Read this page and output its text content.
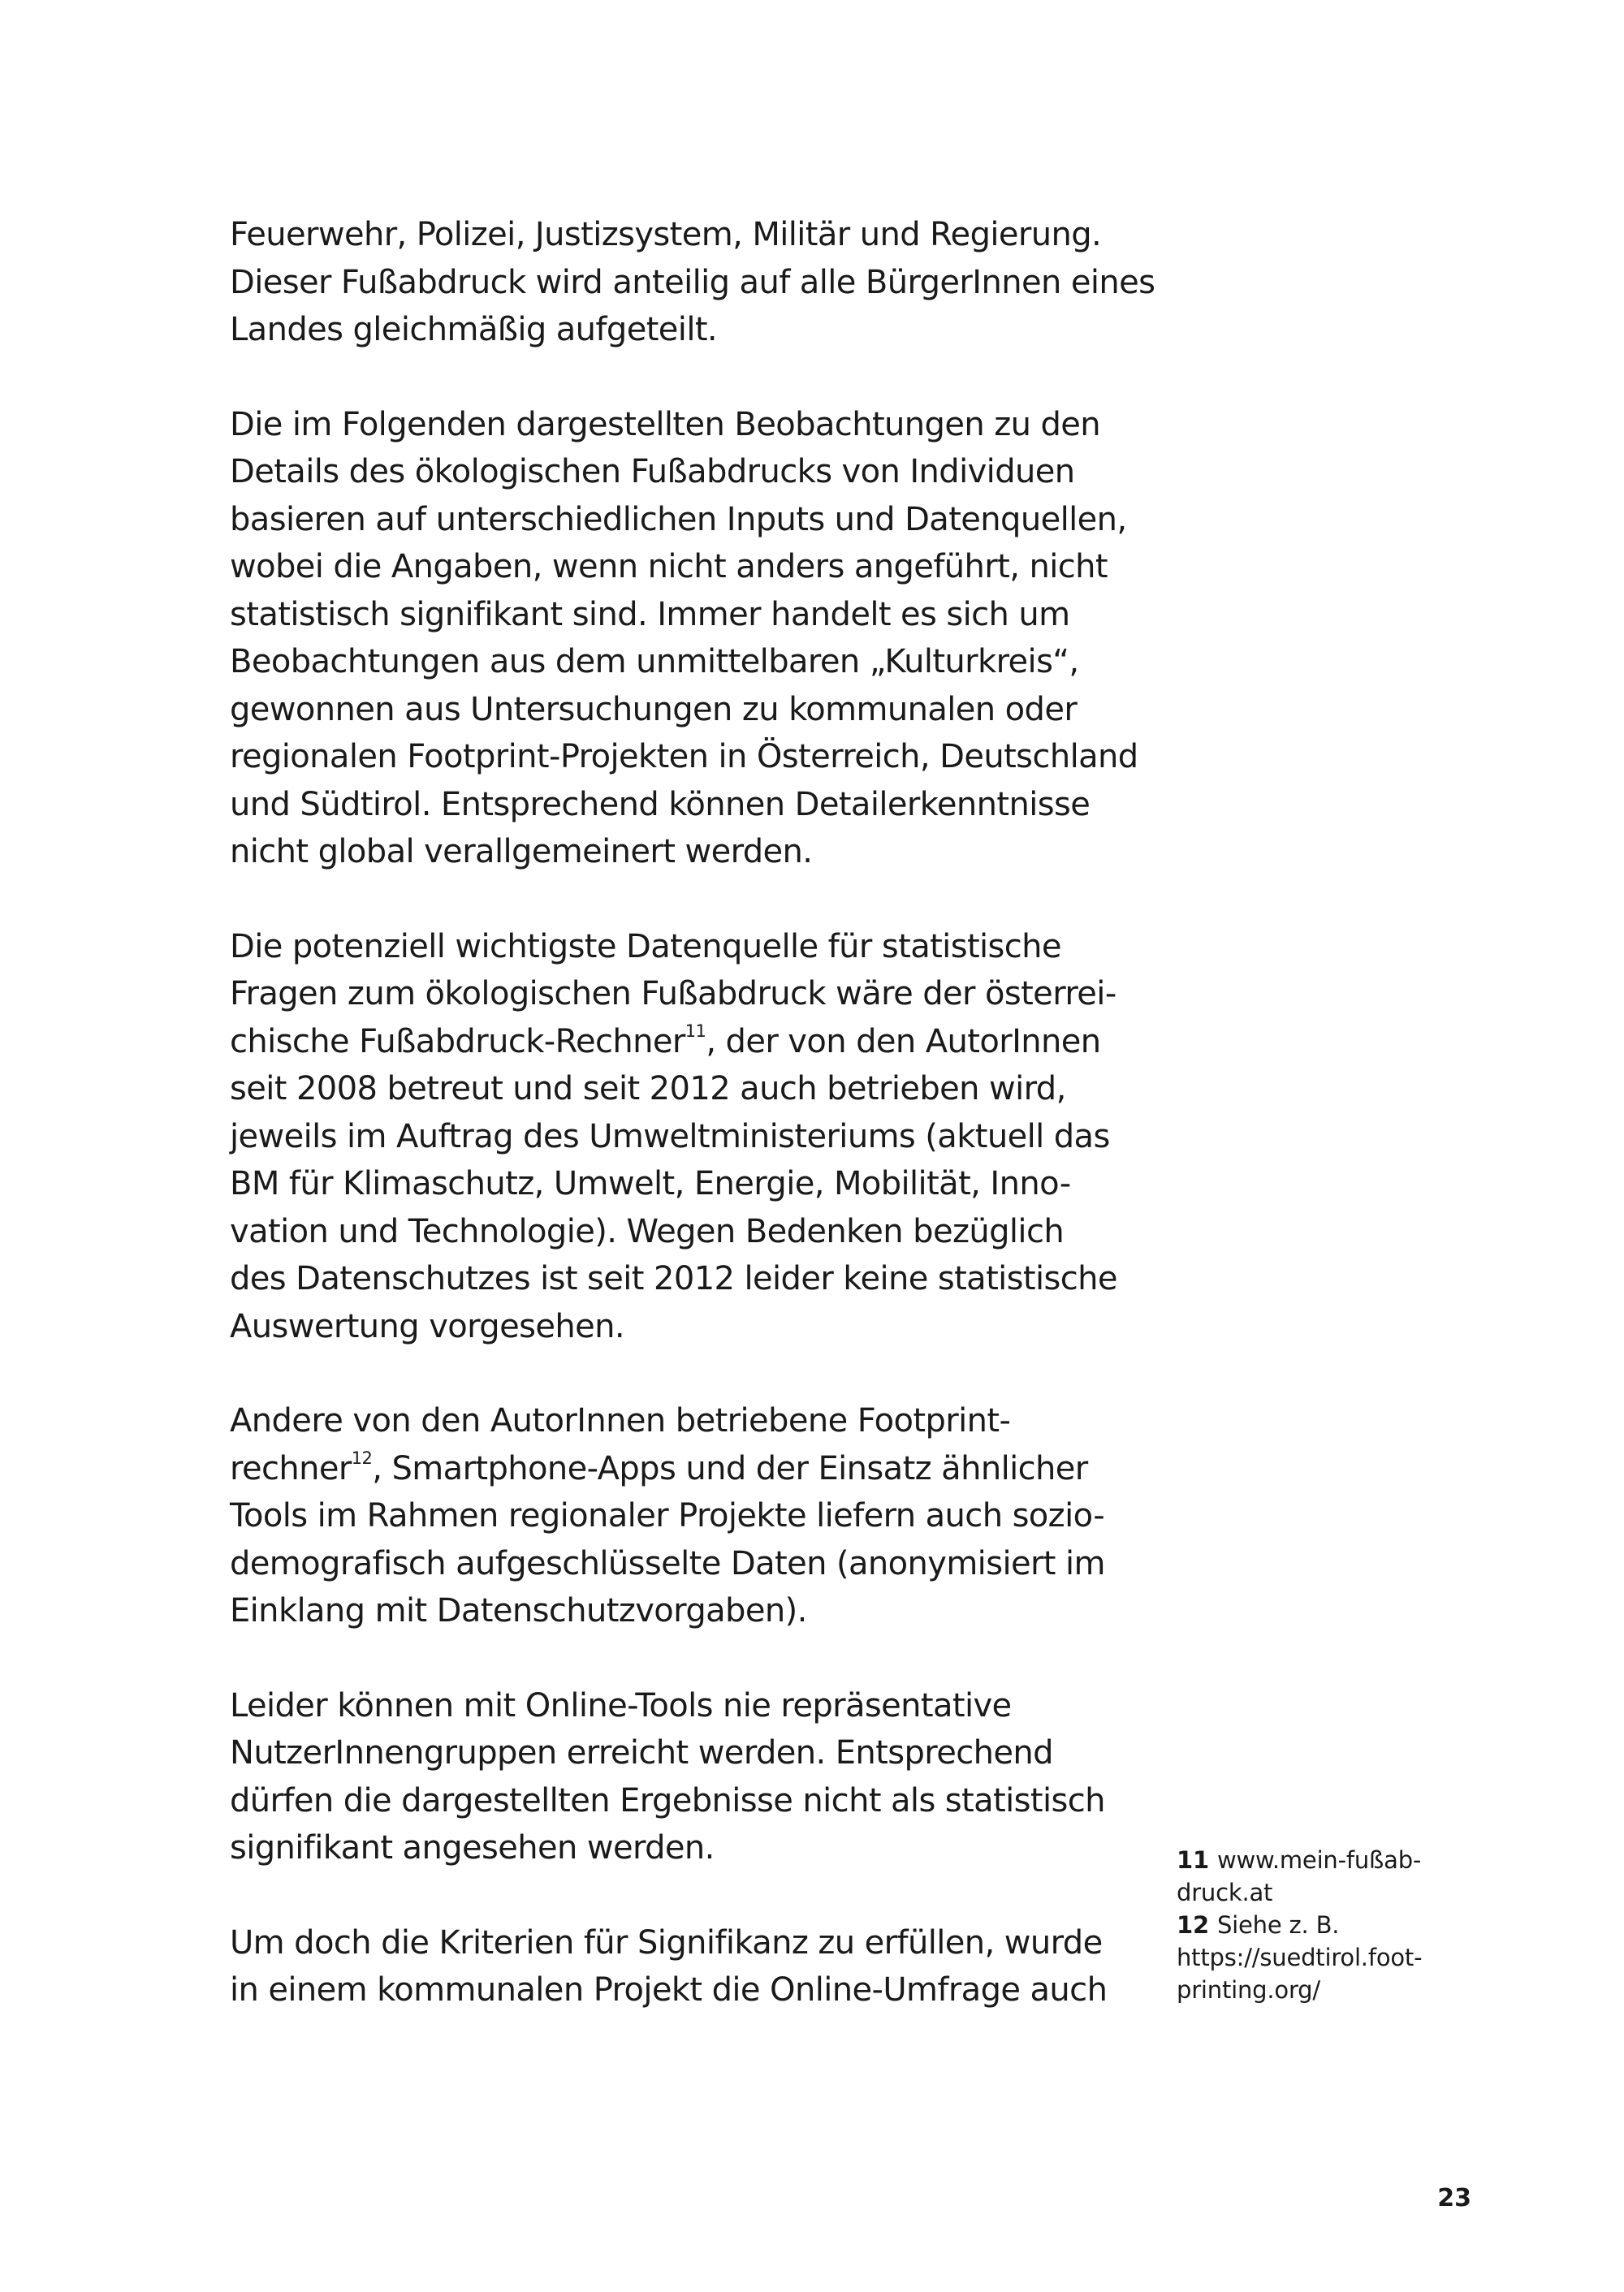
Feuerwehr, Polizei, Justizsystem, Militär und Regierung.
Dieser Fußabdruck wird anteilig auf alle BürgerInnen eines
Landes gleichmäßig aufgeteilt.

Die im Folgenden dargestellten Beobachtungen zu den
Details des ökologischen Fußabdrucks von Individuen
basieren auf unterschiedlichen Inputs und Datenquellen,
wobei die Angaben, wenn nicht anders angeführt, nicht
statistisch signifikant sind. Immer handelt es sich um
Beobachtungen aus dem unmittelbaren „Kulturkreis“,
gewonnen aus Untersuchungen zu kommunalen oder
regionalen Footprint-Projekten in Österreich, Deutschland
und Südtirol. Entsprechend können Detailerkenntnisse
nicht global verallgemeinert werden.

Die potenziell wichtigste Datenquelle für statistische
Fragen zum ökologischen Fußabdruck wäre der österrei-
chische Fußabdruck-Rechner$^{11}$, der von den AutorInnen
seit 2008 betreut und seit 2012 auch betrieben wird,
jeweils im Auftrag des Umweltministeriums (aktuell das
BM für Klimaschutz, Umwelt, Energie, Mobilität, Inno-
vation und Technologie). Wegen Bedenken bezüglich
des Datenschutzes ist seit 2012 leider keine statistische
Auswertung vorgesehen.

Andere von den AutorInnen betriebene Footprint-
rechner$^{12}$, Smartphone-Apps und der Einsatz ähnlicher
Tools im Rahmen regionaler Projekte liefern auch sozio-
demografisch aufgeschlüsselte Daten (anonymisiert im
Einklang mit Datenschutzvorgaben).

Leider können mit Online-Tools nie repräsentative
NutzerInnengruppen erreicht werden. Entsprechend
dürfen die dargestellten Ergebnisse nicht als statistisch
signifikant angesehen werden.

Um doch die Kriterien für Signifikanz zu erfüllen, wurde
in einem kommunalen Projekt die Online-Umfrage auch

11 www.mein-fußab-
druck.at
12 Siehe z. B.
https://suedtirol.foot-
printing.org/
23
